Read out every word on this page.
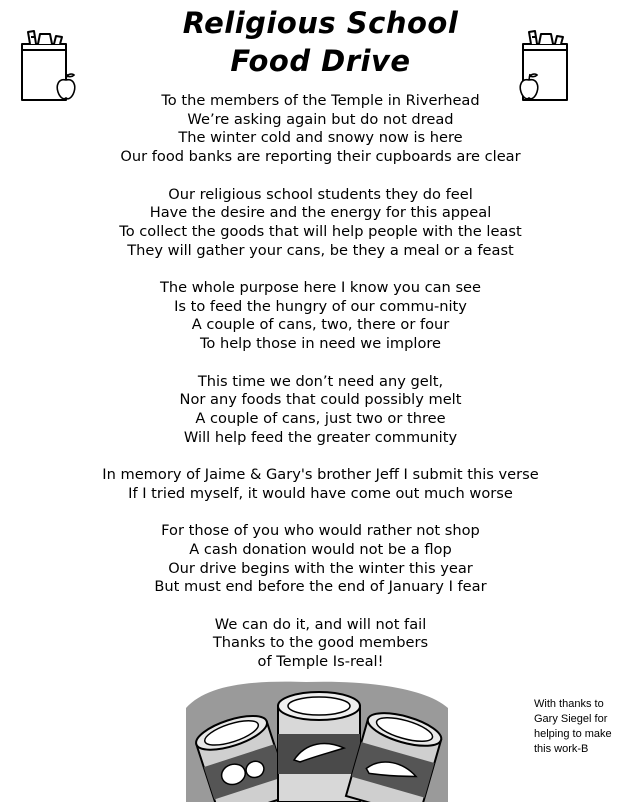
Religious School
Food Drive
To the members of the Temple in Riverhead
We’re asking again but do not dread
The winter cold and snowy now is here
Our food banks are reporting their cupboards are clear
Our religious school students they do feel
Have the desire and the energy for this appeal
To collect the goods that will help people with the least
They will gather your cans, be they a meal or a feast
The whole purpose here I know you can see
Is to feed the hungry of our commu-nity
A couple of cans, two, there or four
To help those in need we implore
This time we don’t need any gelt,
Nor any foods that could possibly melt
A couple of cans, just two or three
Will help feed the greater community
In memory of Jaime & Gary's brother Jeff I submit this verse
If I tried myself, it would have come out much worse
For those of you who would rather not shop
A cash donation would not be a flop
Our drive begins with the winter this year
But must end before the end of January I fear
We can do it, and will not fail
Thanks to the good members
of Temple Is-real!
With thanks to
Gary Siegel for
helping to make
this work-B
